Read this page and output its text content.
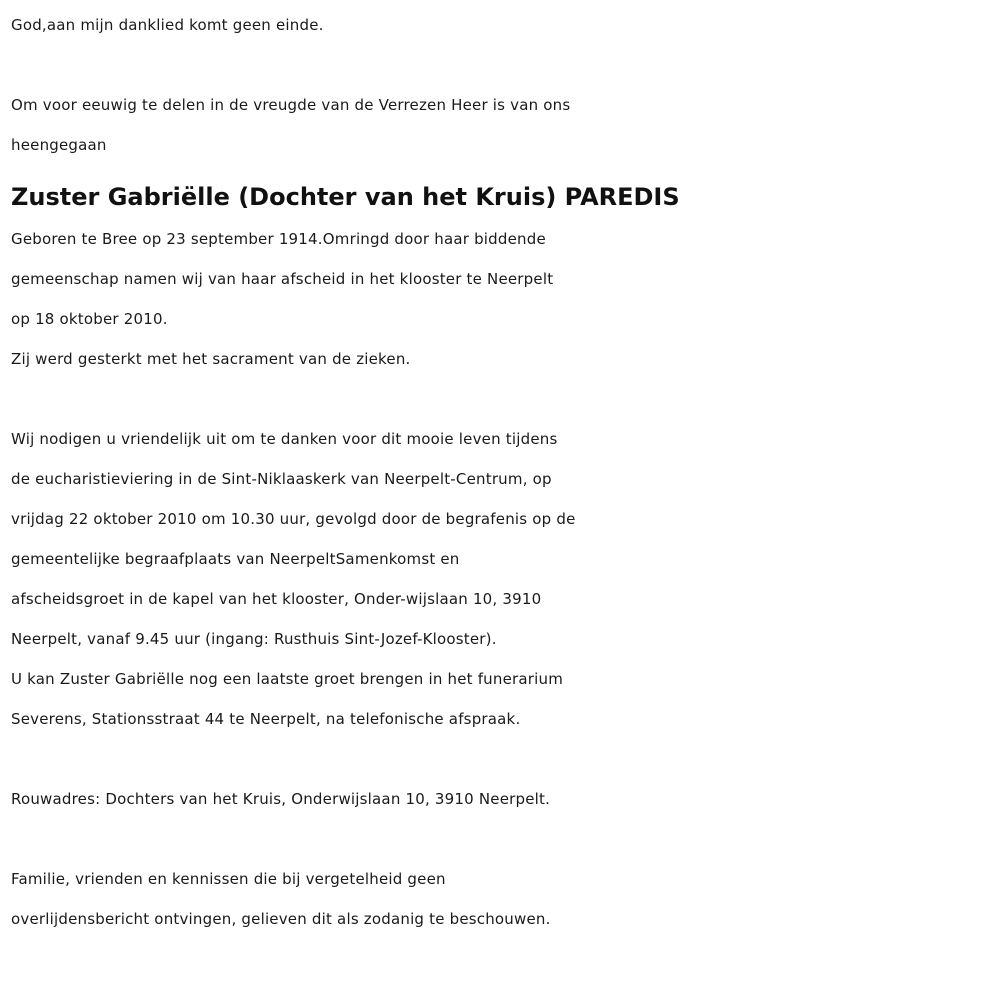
God,aan mijn danklied komt geen einde.
Om voor eeuwig te delen in de vreugde van de Verrezen Heer is van ons
heengegaan
Zuster Gabriëlle (Dochter van het Kruis) PAREDIS
Geboren te Bree op 23 september 1914.Omringd door haar biddende
gemeenschap namen wij van haar afscheid in het klooster te Neerpelt
op 18 oktober 2010.
Zij werd gesterkt met het sacrament van de zieken.
Wij nodigen u vriendelijk uit om te danken voor dit mooie leven tijdens
de eucharistieviering in de Sint-Niklaaskerk van Neerpelt-Centrum, op
vrijdag 22 oktober 2010 om 10.30 uur, gevolgd door de begrafenis op de
gemeentelijke begraafplaats van NeerpeltSamenkomst en
afscheidsgroet in de kapel van het klooster, Onder-wijslaan 10, 3910
Neerpelt, vanaf 9.45 uur (ingang: Rusthuis Sint-Jozef-Klooster).
U kan Zuster Gabriëlle nog een laatste groet brengen in het funerarium
Severens, Stationsstraat 44 te Neerpelt, na telefonische afspraak.
Rouwadres: Dochters van het Kruis, Onderwijslaan 10, 3910 Neerpelt.
Familie, vrienden en kennissen die bij vergetelheid geen
overlijdensbericht ontvingen, gelieven dit als zodanig te beschouwen.
